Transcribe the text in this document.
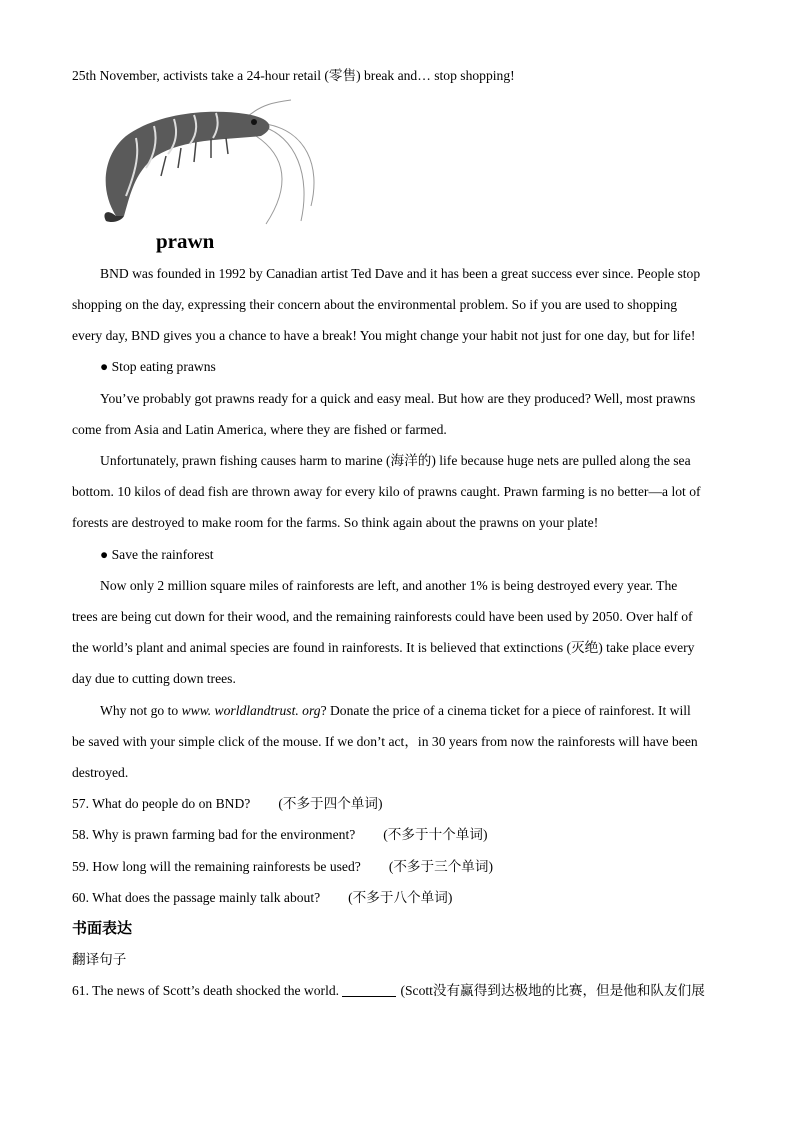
25th November, activists take a 24-hour retail (零售) break and… stop shopping!
prawn
BND was founded in 1992 by Canadian artist Ted Dave and it has been a great success ever since. People stop
shopping on the day, expressing their concern about the environmental problem. So if you are used to shopping
every day, BND gives you a chance to have a break! You might change your habit not just for one day, but for life!
● Stop eating prawns
You’ve probably got prawns ready for a quick and easy meal. But how are they produced? Well, most prawns
come from Asia and Latin America, where they are fished or farmed.
Unfortunately, prawn fishing causes harm to marine (海洋的) life because huge nets are pulled along the sea
bottom. 10 kilos of dead fish are thrown away for every kilo of prawns caught. Prawn farming is no better—a lot of
forests are destroyed to make room for the farms. So think again about the prawns on your plate!
● Save the rainforest
Now only 2 million square miles of rainforests are left, and another 1% is being destroyed every year. The
trees are being cut down for their wood, and the remaining rainforests could have been used by 2050. Over half of
the world’s plant and animal species are found in rainforests. It is believed that extinctions (灭绝) take place every
day due to cutting down trees.
Why not go to www. worldlandtrust. org? Donate the price of a cinema ticket for a piece of rainforest. It will
be saved with your simple click of the mouse. If we don’t act，in 30 years from now the rainforests will have been
destroyed.
57. What do people do on BND? (不多于四个单词)
58. Why is prawn farming bad for the environment? (不多于十个单词)
59. How long will the remaining rainforests be used? (不多于三个单词)
60. What does the passage mainly talk about? (不多于八个单词)
书面表达
翻译句子
61. The news of Scott’s death shocked the world.	(Scott没有赢得到达极地的比赛，但是他和队友们展
